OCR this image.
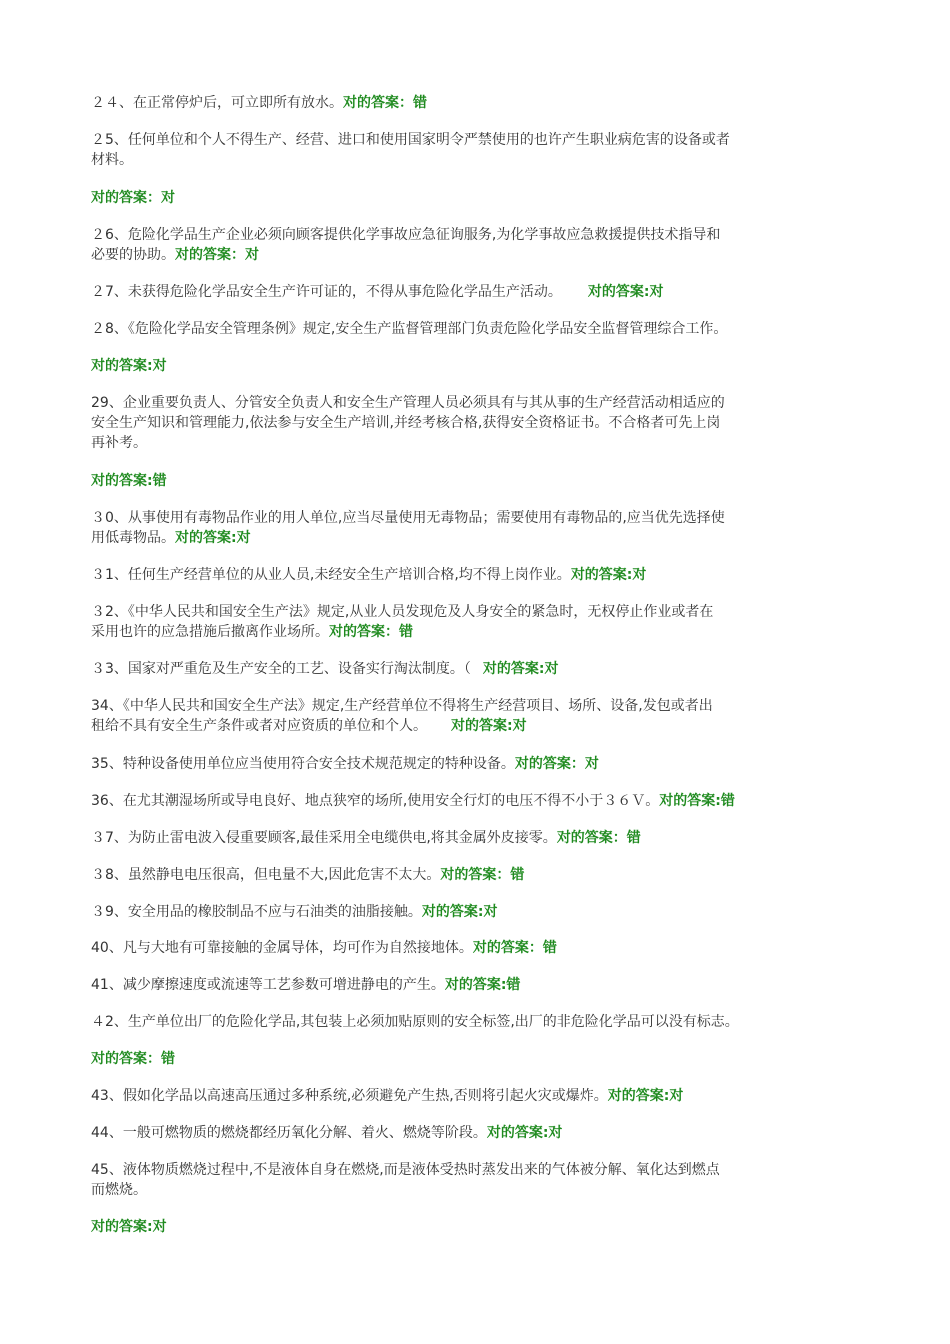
２４、在正常停炉后，可立即所有放水。对的答案：错
２5、任何单位和个人不得生产、经营、进口和使用国家明令严禁使用的也许产生职业病危害的设备或者
材料。
对的答案：对
２6、危险化学品生产企业必须向顾客提供化学事故应急征询服务,为化学事故应急救援提供技术指导和
必要的协助。对的答案：对
２7、未获得危险化学品安全生产许可证的，不得从事危险化学品生产活动。 对的答案:对
２8、《危险化学品安全管理条例》规定,安全生产监督管理部门负责危险化学品安全监督管理综合工作。
对的答案:对
29、企业重要负责人、分管安全负责人和安全生产管理人员必须具有与其从事的生产经营活动相适应的
安全生产知识和管理能力,依法参与安全生产培训,并经考核合格,获得安全资格证书。不合格者可先上岗
再补考。
对的答案:错
３0、从事使用有毒物品作业的用人单位,应当尽量使用无毒物品；需要使用有毒物品的,应当优先选择使
用低毒物品。对的答案:对
３1、任何生产经营单位的从业人员,未经安全生产培训合格,均不得上岗作业。对的答案:对
３2、《中华人民共和国安全生产法》规定,从业人员发现危及人身安全的紧急时，无权停止作业或者在
采用也许的应急措施后撤离作业场所。对的答案：错
３3、国家对严重危及生产安全的工艺、设备实行淘汰制度。（ 对的答案:对
34、《中华人民共和国安全生产法》规定,生产经营单位不得将生产经营项目、场所、设备,发包或者出
租给不具有安全生产条件或者对应资质的单位和个人。 对的答案:对
35、特种设备使用单位应当使用符合安全技术规范规定的特种设备。对的答案：对
36、在尤其潮湿场所或导电良好、地点狭窄的场所,使用安全行灯的电压不得不小于３６Ｖ。对的答案:错
３7、为防止雷电波入侵重要顾客,最佳采用全电缆供电,将其金属外皮接零。对的答案：错
３8、虽然静电电压很高，但电量不大,因此危害不太大。对的答案：错
３9、安全用品的橡胶制品不应与石油类的油脂接触。对的答案:对
40、凡与大地有可靠接触的金属导体，均可作为自然接地体。对的答案：错
41、减少摩擦速度或流速等工艺参数可增进静电的产生。对的答案:错
４2、生产单位出厂的危险化学品,其包装上必须加贴原则的安全标签,出厂的非危险化学品可以没有标志。
对的答案：错
43、假如化学品以高速高压通过多种系统,必须避免产生热,否则将引起火灾或爆炸。对的答案:对
44、一般可燃物质的燃烧都经历氧化分解、着火、燃烧等阶段。对的答案:对
45、液体物质燃烧过程中,不是液体自身在燃烧,而是液体受热时蒸发出来的气体被分解、氧化达到燃点
而燃烧。
对的答案:对
